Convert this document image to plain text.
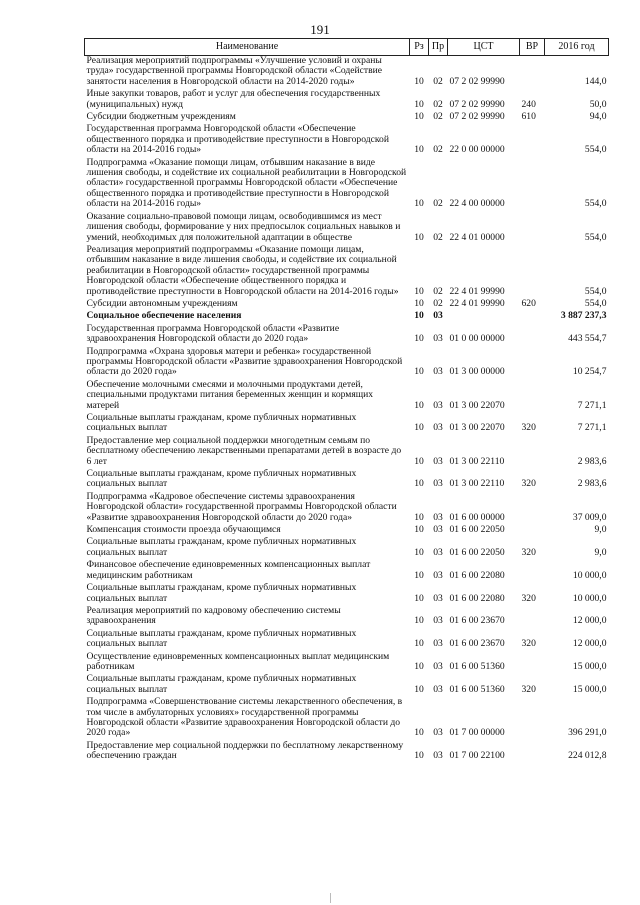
191
Наименование	Рз	Пр	ЦСТ	ВР	2016 год
Реализация мероприятий подпрограммы «Улучшение условий и охраны труда» государственной программы Новгородской области «Содействие занятости населения в Новгородской области на 2014-2020 годы»	10	02	07 2 02 99990		144,0
Иные закупки товаров, работ и услуг для обеспечения государственных (муниципальных) нужд	10	02	07 2 02 99990	240	50,0
Субсидии бюджетным учреждениям	10	02	07 2 02 99990	610	94,0
Государственная программа Новгородской области «Обеспечение общественного порядка и противодействие преступности в Новгородской области на 2014-2016 годы»	10	02	22 0 00 00000		554,0
Подпрограмма «Оказание помощи лицам, отбывшим наказание в виде лишения свободы, и содействие их социальной реабилитации в Новгородской области» государственной программы Новгородской области «Обеспечение общественного порядка и противодействие преступности в Новгородской области на 2014-2016 годы»	10	02	22 4 00 00000		554,0
Оказание социально-правовой помощи лицам, освободившимся из мест лишения свободы, формирование у них предпосылок социальных навыков и умений, необходимых для положительной адаптации в обществе	10	02	22 4 01 00000		554,0
Реализация мероприятий подпрограммы «Оказание помощи лицам, отбывшим наказание в виде лишения свободы, и содействие их социальной реабилитации в Новгородской области» государственной программы Новгородской области «Обеспечение общественного порядка и противодействие преступности в Новгородской области на 2014-2016 годы»	10	02	22 4 01 99990		554,0
Субсидии автономным учреждениям	10	02	22 4 01 99990	620	554,0
Социальное обеспечение населения	10	03			3 887 237,3
Государственная программа Новгородской области «Развитие здравоохранения Новгородской области до 2020 года»	10	03	01 0 00 00000		443 554,7
Подпрограмма «Охрана здоровья матери и ребенка» государственной программы Новгородской области «Развитие здравоохранения Новгородской области до 2020 года»	10	03	01 3 00 00000		10 254,7
Обеспечение молочными смесями и молочными продуктами детей, специальными продуктами питания беременных женщин и кормящих матерей	10	03	01 3 00 22070		7 271,1
Социальные выплаты гражданам, кроме публичных нормативных социальных выплат	10	03	01 3 00 22070	320	7 271,1
Предоставление мер социальной поддержки многодетным семьям по бесплатному обеспечению лекарственными препаратами детей в возрасте до 6 лет	10	03	01 3 00 22110		2 983,6
Социальные выплаты гражданам, кроме публичных нормативных социальных выплат	10	03	01 3 00 22110	320	2 983,6
Подпрограмма «Кадровое обеспечение системы здравоохранения Новгородской области» государственной программы Новгородской области «Развитие здравоохранения Новгородской области до 2020 года»	10	03	01 6 00 00000		37 009,0
Компенсация стоимости проезда обучающимся	10	03	01 6 00 22050		9,0
Социальные выплаты гражданам, кроме публичных нормативных социальных выплат	10	03	01 6 00 22050	320	9,0
Финансовое обеспечение единовременных компенсационных выплат медицинским работникам	10	03	01 6 00 22080		10 000,0
Социальные выплаты гражданам, кроме публичных нормативных социальных выплат	10	03	01 6 00 22080	320	10 000,0
Реализация мероприятий по кадровому обеспечению системы здравоохранения	10	03	01 6 00 23670		12 000,0
Социальные выплаты гражданам, кроме публичных нормативных социальных выплат	10	03	01 6 00 23670	320	12 000,0
Осуществление единовременных компенсационных выплат медицинским работникам	10	03	01 6 00 51360		15 000,0
Социальные выплаты гражданам, кроме публичных нормативных социальных выплат	10	03	01 6 00 51360	320	15 000,0
Подпрограмма «Совершенствование системы лекарственного обеспечения, в том числе в амбулаторных условиях» государственной программы Новгородской области «Развитие здравоохранения Новгородской области до 2020 года»	10	03	01 7 00 00000		396 291,0
Предоставление мер социальной поддержки по бесплатному лекарственному обеспечению граждан	10	03	01 7 00 22100		224 012,8
